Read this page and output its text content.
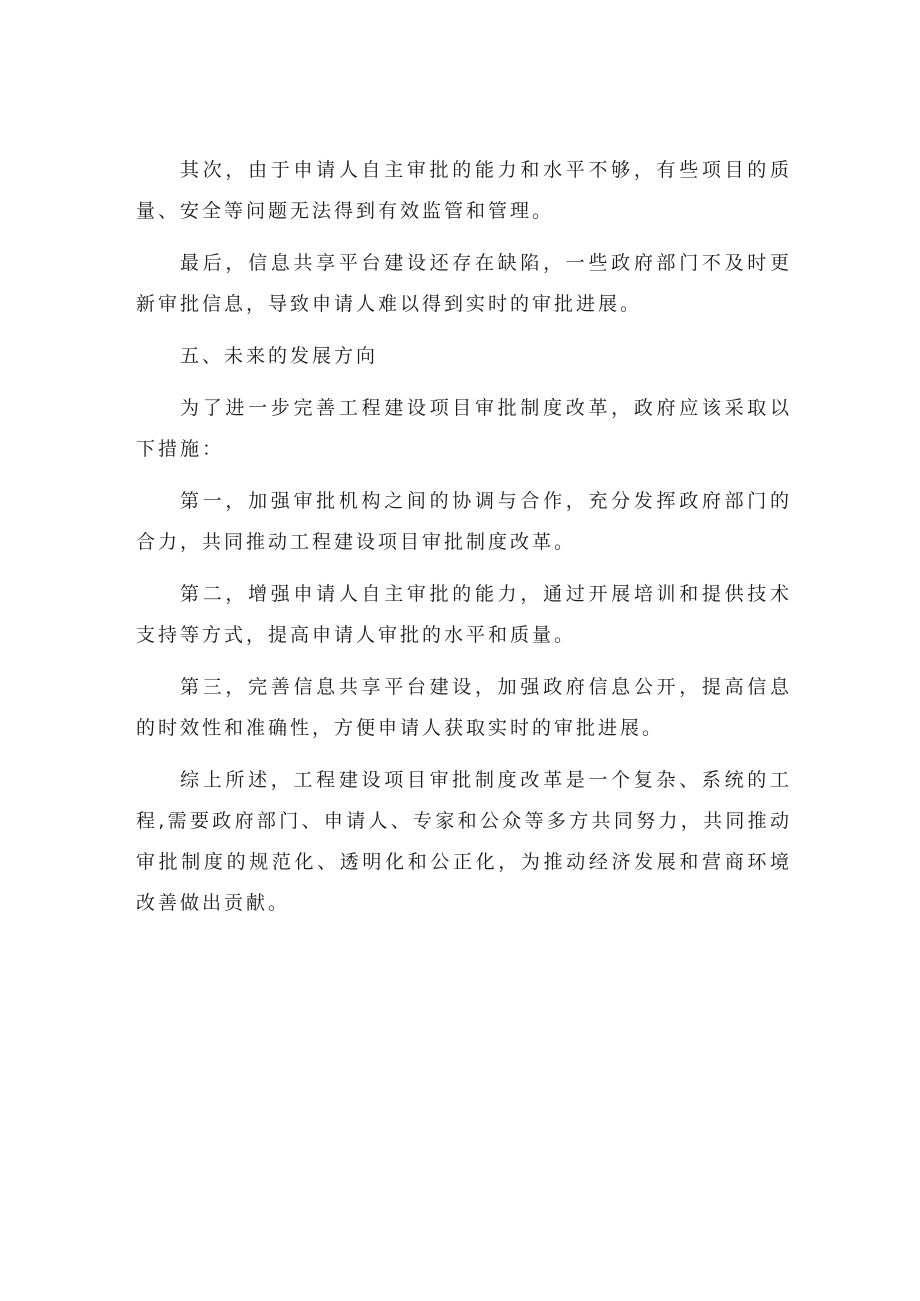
其次，由于申请人自主审批的能力和水平不够，有些项目的质量、安全等问题无法得到有效监管和管理。

最后，信息共享平台建设还存在缺陷，一些政府部门不及时更新审批信息，导致申请人难以得到实时的审批进展。

五、未来的发展方向

为了进一步完善工程建设项目审批制度改革，政府应该采取以下措施：

第一，加强审批机构之间的协调与合作，充分发挥政府部门的合力，共同推动工程建设项目审批制度改革。

第二，增强申请人自主审批的能力，通过开展培训和提供技术支持等方式，提高申请人审批的水平和质量。

第三，完善信息共享平台建设，加强政府信息公开，提高信息的时效性和准确性，方便申请人获取实时的审批进展。

综上所述，工程建设项目审批制度改革是一个复杂、系统的工程,需要政府部门、申请人、专家和公众等多方共同努力，共同推动审批制度的规范化、透明化和公正化，为推动经济发展和营商环境改善做出贡献。
